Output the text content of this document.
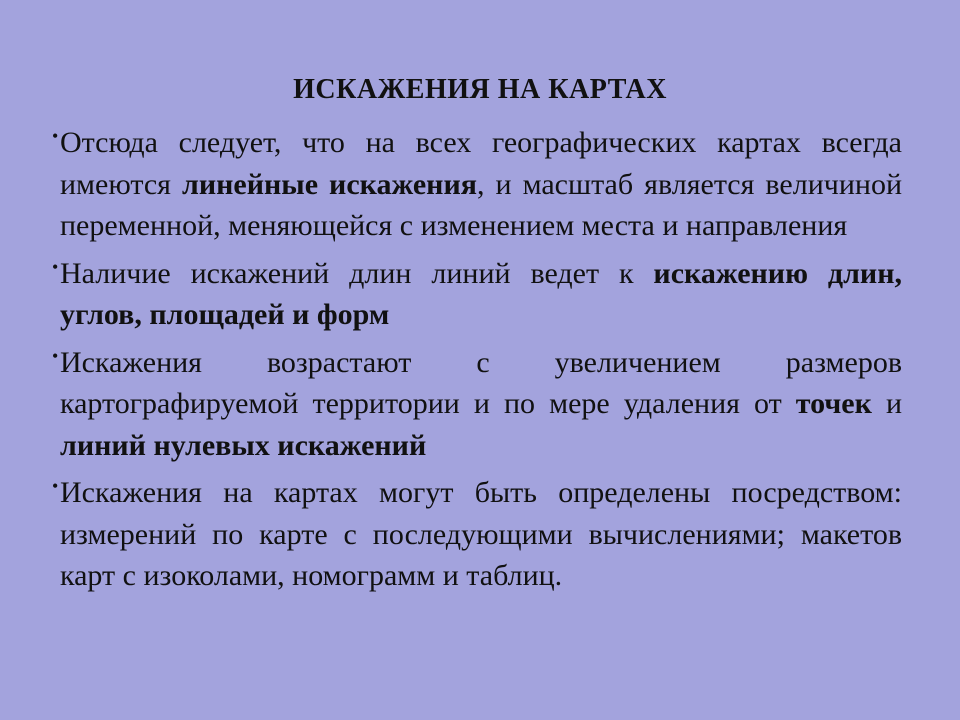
ИСКАЖЕНИЯ НА КАРТАХ

• Отсюда следует, что на всех географических картах всегда имеются линейные искажения, и масштаб является величиной переменной, меняющейся с изменением места и направления

• Наличие искажений длин линий ведет к искажению длин, углов, площадей и форм

• Искажения возрастают с увеличением размеров картографируемой территории и по мере удаления от точек и линий нулевых искажений

• Искажения на картах могут быть определены посредством: измерений по карте с последующими вычислениями; макетов карт с изоколами, номограмм и таблиц.
